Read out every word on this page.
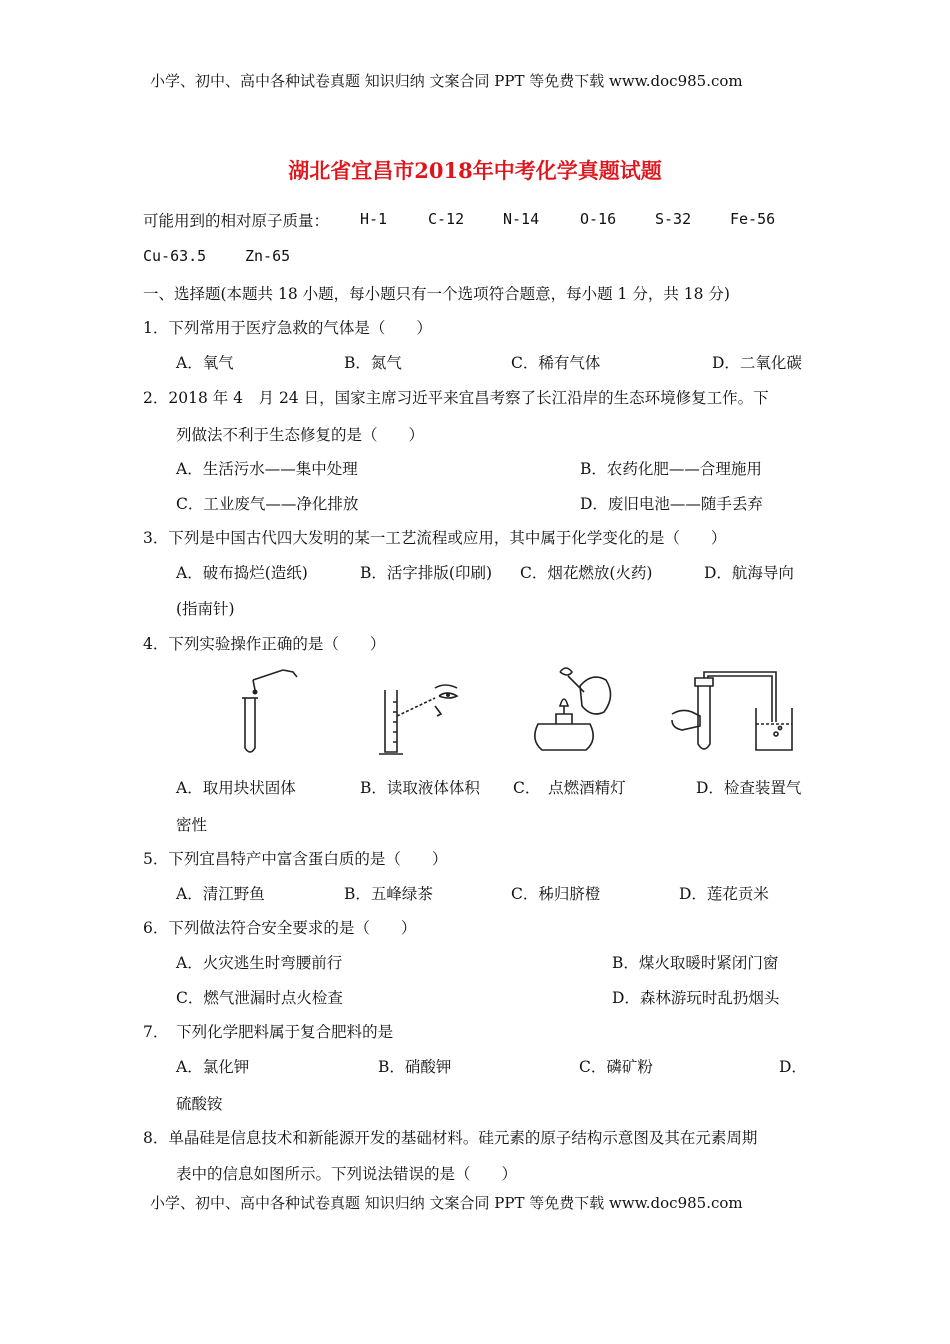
小学、初中、高中各种试卷真题 知识归纳 文案合同 PPT 等免费下载 www.doc985.com
湖北省宜昌市2018年中考化学真题试题
可能用到的相对原子质量： H-1	C-12	N-14	O-16	S-32	Fe-56
Cu-63.5	Zn-65
一、选择题(本题共 18 小题，每小题只有一个选项符合题意，每小题 1 分，共 18 分)
1．下列常用于医疗急救的气体是（　　）
A．氧气	B．氮气	C．稀有气体	D．二氧化碳
2．2018 年 4　月 24 日，国家主席习近平来宜昌考察了长江沿岸的生态环境修复工作。下
列做法不利于生态修复的是（　　）
A．生活污水——集中处理	B．农药化肥——合理施用
C．工业废气——净化排放	D．废旧电池——随手丢弃
3．下列是中国古代四大发明的某一工艺流程或应用，其中属于化学变化的是（　　）
A．破布捣烂(造纸)	B．活字排版(印刷) C．烟花燃放(火药)	D．航海导向
(指南针)
4．下列实验操作正确的是（　　）
A．取用块状固体	B．读取液体体积 C．　点燃酒精灯	D．检查装置气
密性
5．下列宜昌特产中富含蛋白质的是（　　）
A．清江野鱼	B．五峰绿茶	C．秭归脐橙	D．莲花贡米
6．下列做法符合安全要求的是（　　）
A．火灾逃生时弯腰前行	B．煤火取暖时紧闭门窗
C．燃气泄漏时点火检查	D．森林游玩时乱扔烟头
7．　下列化学肥料属于复合肥料的是
A．氯化钾	B．硝酸钾	C．磷矿粉	D．
硫酸铵
8．单晶硅是信息技术和新能源开发的基础材料。硅元素的原子结构示意图及其在元素周期
表中的信息如图所示。下列说法错误的是（　　）
小学、初中、高中各种试卷真题 知识归纳 文案合同 PPT 等免费下载 www.doc985.com
